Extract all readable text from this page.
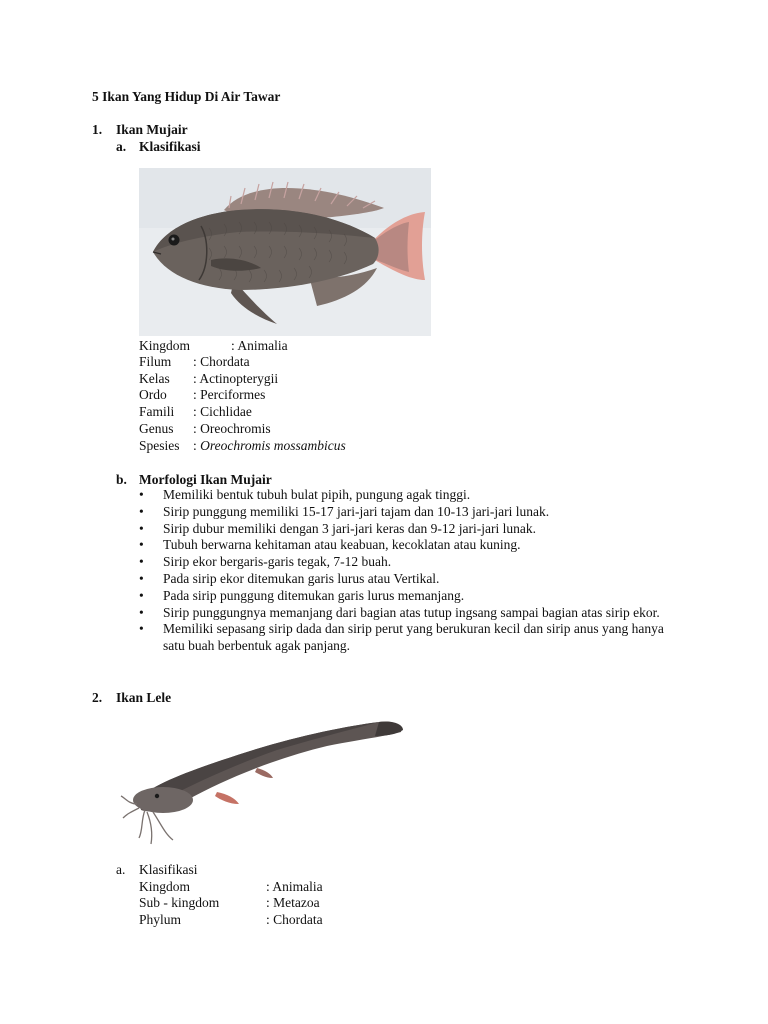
5 Ikan Yang Hidup Di Air Tawar
1. Ikan Mujair
a. Klasifikasi
Kingdom	: Animalia
Filum : Chordata
Kelas : Actinopterygii
Ordo : Perciformes
Famili : Cichlidae
Genus : Oreochromis
Spesies : Oreochromis mossambicus
b. Morfologi Ikan Mujair
• Memiliki bentuk tubuh bulat pipih, pungung agak tinggi.
• Sirip punggung memiliki 15-17 jari-jari tajam dan 10-13 jari-jari lunak.
• Sirip dubur memiliki dengan 3 jari-jari keras dan 9-12 jari-jari lunak.
• Tubuh berwarna kehitaman atau keabuan, kecoklatan atau kuning.
• Sirip ekor bergaris-garis tegak, 7-12 buah.
• Pada sirip ekor ditemukan garis lurus atau Vertikal.
• Pada sirip punggung ditemukan garis lurus memanjang.
• Sirip punggungnya memanjang dari bagian atas tutup ingsang sampai bagian atas sirip ekor.
• Memiliki sepasang sirip dada dan sirip perut yang berukuran kecil dan sirip anus yang hanya satu buah berbentuk agak panjang.
2. Ikan Lele
a. Klasifikasi
Kingdom	: Animalia
Sub - kingdom	: Metazoa
Phylum	: Chordata
